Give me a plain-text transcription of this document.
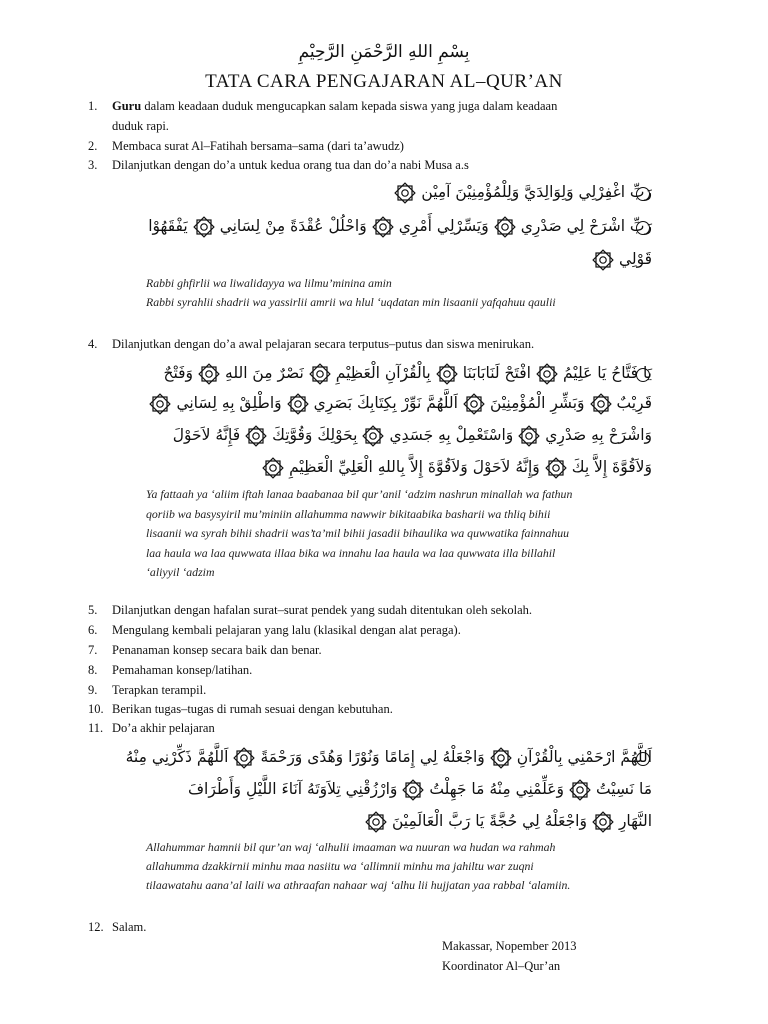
بِسْمِ اللهِ الرَّحْمَنِ الرَّحِيْمِ
TATA CARA PENGAJARAN AL–QUR’AN
1. Guru dalam keadaan duduk mengucapkan salam kepada siswa yang juga dalam keadaan
duduk rapi.
2. Membaca surat Al–Fatihah bersama–sama (dari ta’awudz)
3. Dilanjutkan dengan do’a untuk kedua orang tua dan do’a nabi Musa a.s
رَبِّ اغْفِرْلِي وَلِوَالِدَيَّ وَلِلْمُؤْمِنِيْنَ آمِيْن
رَبِّ اشْرَحْ لِي صَدْرِي
وَيَسِّرْلِي أَمْرِي
وَاحْلُلْ عُقْدَةً مِنْ لِسَانِي
يَفْقَهُوْا
قَوْلِي
Rabbi ghfirlii wa liwalidayya wa lilmu’minina amin
Rabbi syrahlii shadrii wa yassirlii amrii wa hlul ‘uqdatan min lisaanii yafqahuu qaulii
4. Dilanjutkan dengan do’a awal pelajaran secara terputus–putus dan siswa menirukan.
يَا فَتَّاحُ يَا عَلِيْمُ
افْتَحْ لَنَابَابَنَا
بِالْقُرْآنِ الْعَظِيْمِ
نَصْرٌ مِنَ اللهِ
وَفَتْحٌ
قَرِيْبٌ
وَبَشِّرِ الْمُؤْمِنِيْنَ
اَللَّهُمَّ نَوِّرْ بِكِتَابِكَ بَصَرِي
وَاطْلِقْ بِهِ لِسَانِي
وَاشْرَحْ بِهِ صَدْرِي
وَاسْتَعْمِلْ بِهِ جَسَدِي
بِحَوْلِكَ وَقُوَّتِكَ
فَإِنَّهُ لاَحَوْلَ
وَلاَقُوَّةَ إِلاَّ بِكَ
وَإِنَّهُ لاَحَوْلَ وَلاَقُوَّةَ إِلاَّ بِاللهِ الْعَلِيِّ الْعَظِيْمِ
Ya fattaah ya ‘aliim iftah lanaa baabanaa bil qur’anil ‘adzim nashrun minallah wa fathun
qoriib wa basysyiril mu’miniin allahumma nawwir bikitaabika basharii wa thliq bihii
lisaanii wa syrah bihii shadrii was’ta’mil bihii jasadii bihaulika wa quwwatika fainnahuu
laa haula wa laa quwwata illaa bika wa innahu laa haula wa laa quwwata illa billahil
‘aliyyil ‘adzim
5. Dilanjutkan dengan hafalan surat–surat pendek yang sudah ditentukan oleh sekolah.
6. Mengulang kembali pelajaran yang lalu (klasikal dengan alat peraga).
7. Penanaman konsep secara baik dan benar.
8. Pemahaman konsep/latihan.
9. Terapkan terampil.
10. Berikan tugas–tugas di rumah sesuai dengan kebutuhan.
11. Do’a akhir pelajaran
اَللَّهُمَّ ارْحَمْنِي بِالْقُرْآنِ
وَاجْعَلْهُ لِي إِمَامًا وَنُوْرًا وَهُدًى وَرَحْمَةً
اَللَّهُمَّ ذَكِّرْنِي مِنْهُ
مَا نَسِيْتُ
وَعَلِّمْنِي مِنْهُ مَا جَهِلْتُ
وَارْزُقْنِي تِلاَوَتَهُ آنَاءَ اللَّيْلِ وَأَطْرَافَ
النَّهَارِ
وَاجْعَلْهُ لِي حُجَّةً يَا رَبَّ الْعَالَمِيْنَ
Allahummar hamnii bil qur’an waj ‘alhulii imaaman wa nuuran wa hudan wa rahmah
allahumma dzakkirnii minhu maa nasiitu wa ‘allimnii minhu ma jahiltu war zuqni
tilaawatahu aana’al laili wa athraafan nahaar waj ‘alhu lii hujjatan yaa rabbal ‘alamiin.
12. Salam.
Makassar, Nopember 2013
Koordinator Al–Qur’an
